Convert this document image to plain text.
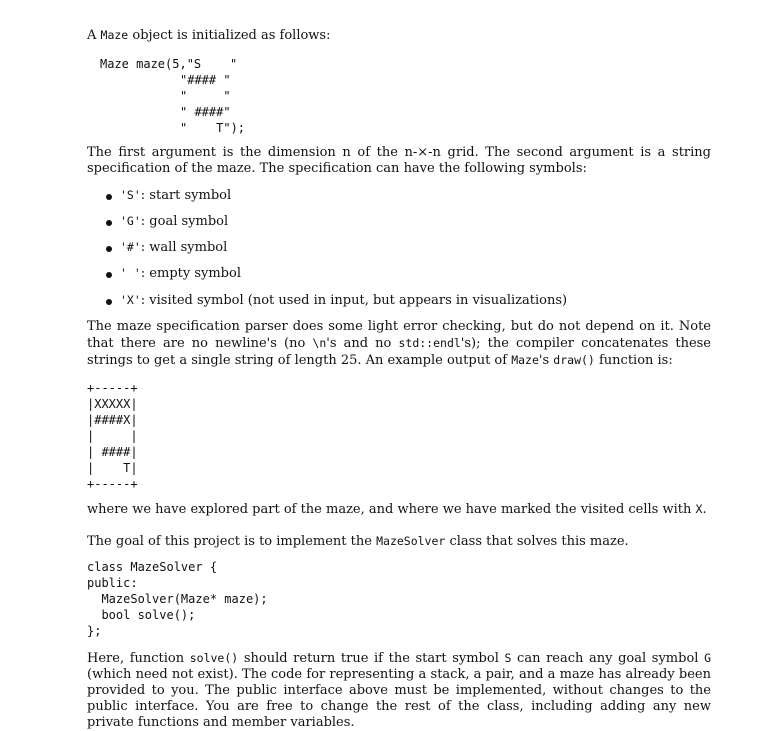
A Maze object is initialized as follows:

Maze maze(5,"S    "

"#### "

"     "

" ####"

"    T");

The first argument is the dimension n of the n-×-n grid. The second argument is a string specification of the maze. The specification can have the following symbols:
'S': start symbol
'G': goal symbol
'#': wall symbol
' ': empty symbol
'X': visited symbol (not used in input, but appears in visualizations)
The maze specification parser does some light error checking, but do not depend on it. Note that there are no newline's (no \n's and no std::endl's); the compiler concatenates these strings to get a single string of length 25. An example output of Maze's draw() function is:

+-----+

|XXXXX|

|####X|

|     |

| ####|

|    T|

+-----+

where we have explored part of the maze, and where we have marked the visited cells with X.
The goal of this project is to implement the MazeSolver class that solves this maze.

class MazeSolver {

public:

MazeSolver(Maze* maze);

bool solve();

};

Here, function solve() should return true if the start symbol S can reach any goal symbol G (which need not exist). The code for representing a stack, a pair, and a maze has already been provided to you. The public interface above must be implemented, without changes to the public interface. You are free to change the rest of the class, including adding any new private functions and member variables.
